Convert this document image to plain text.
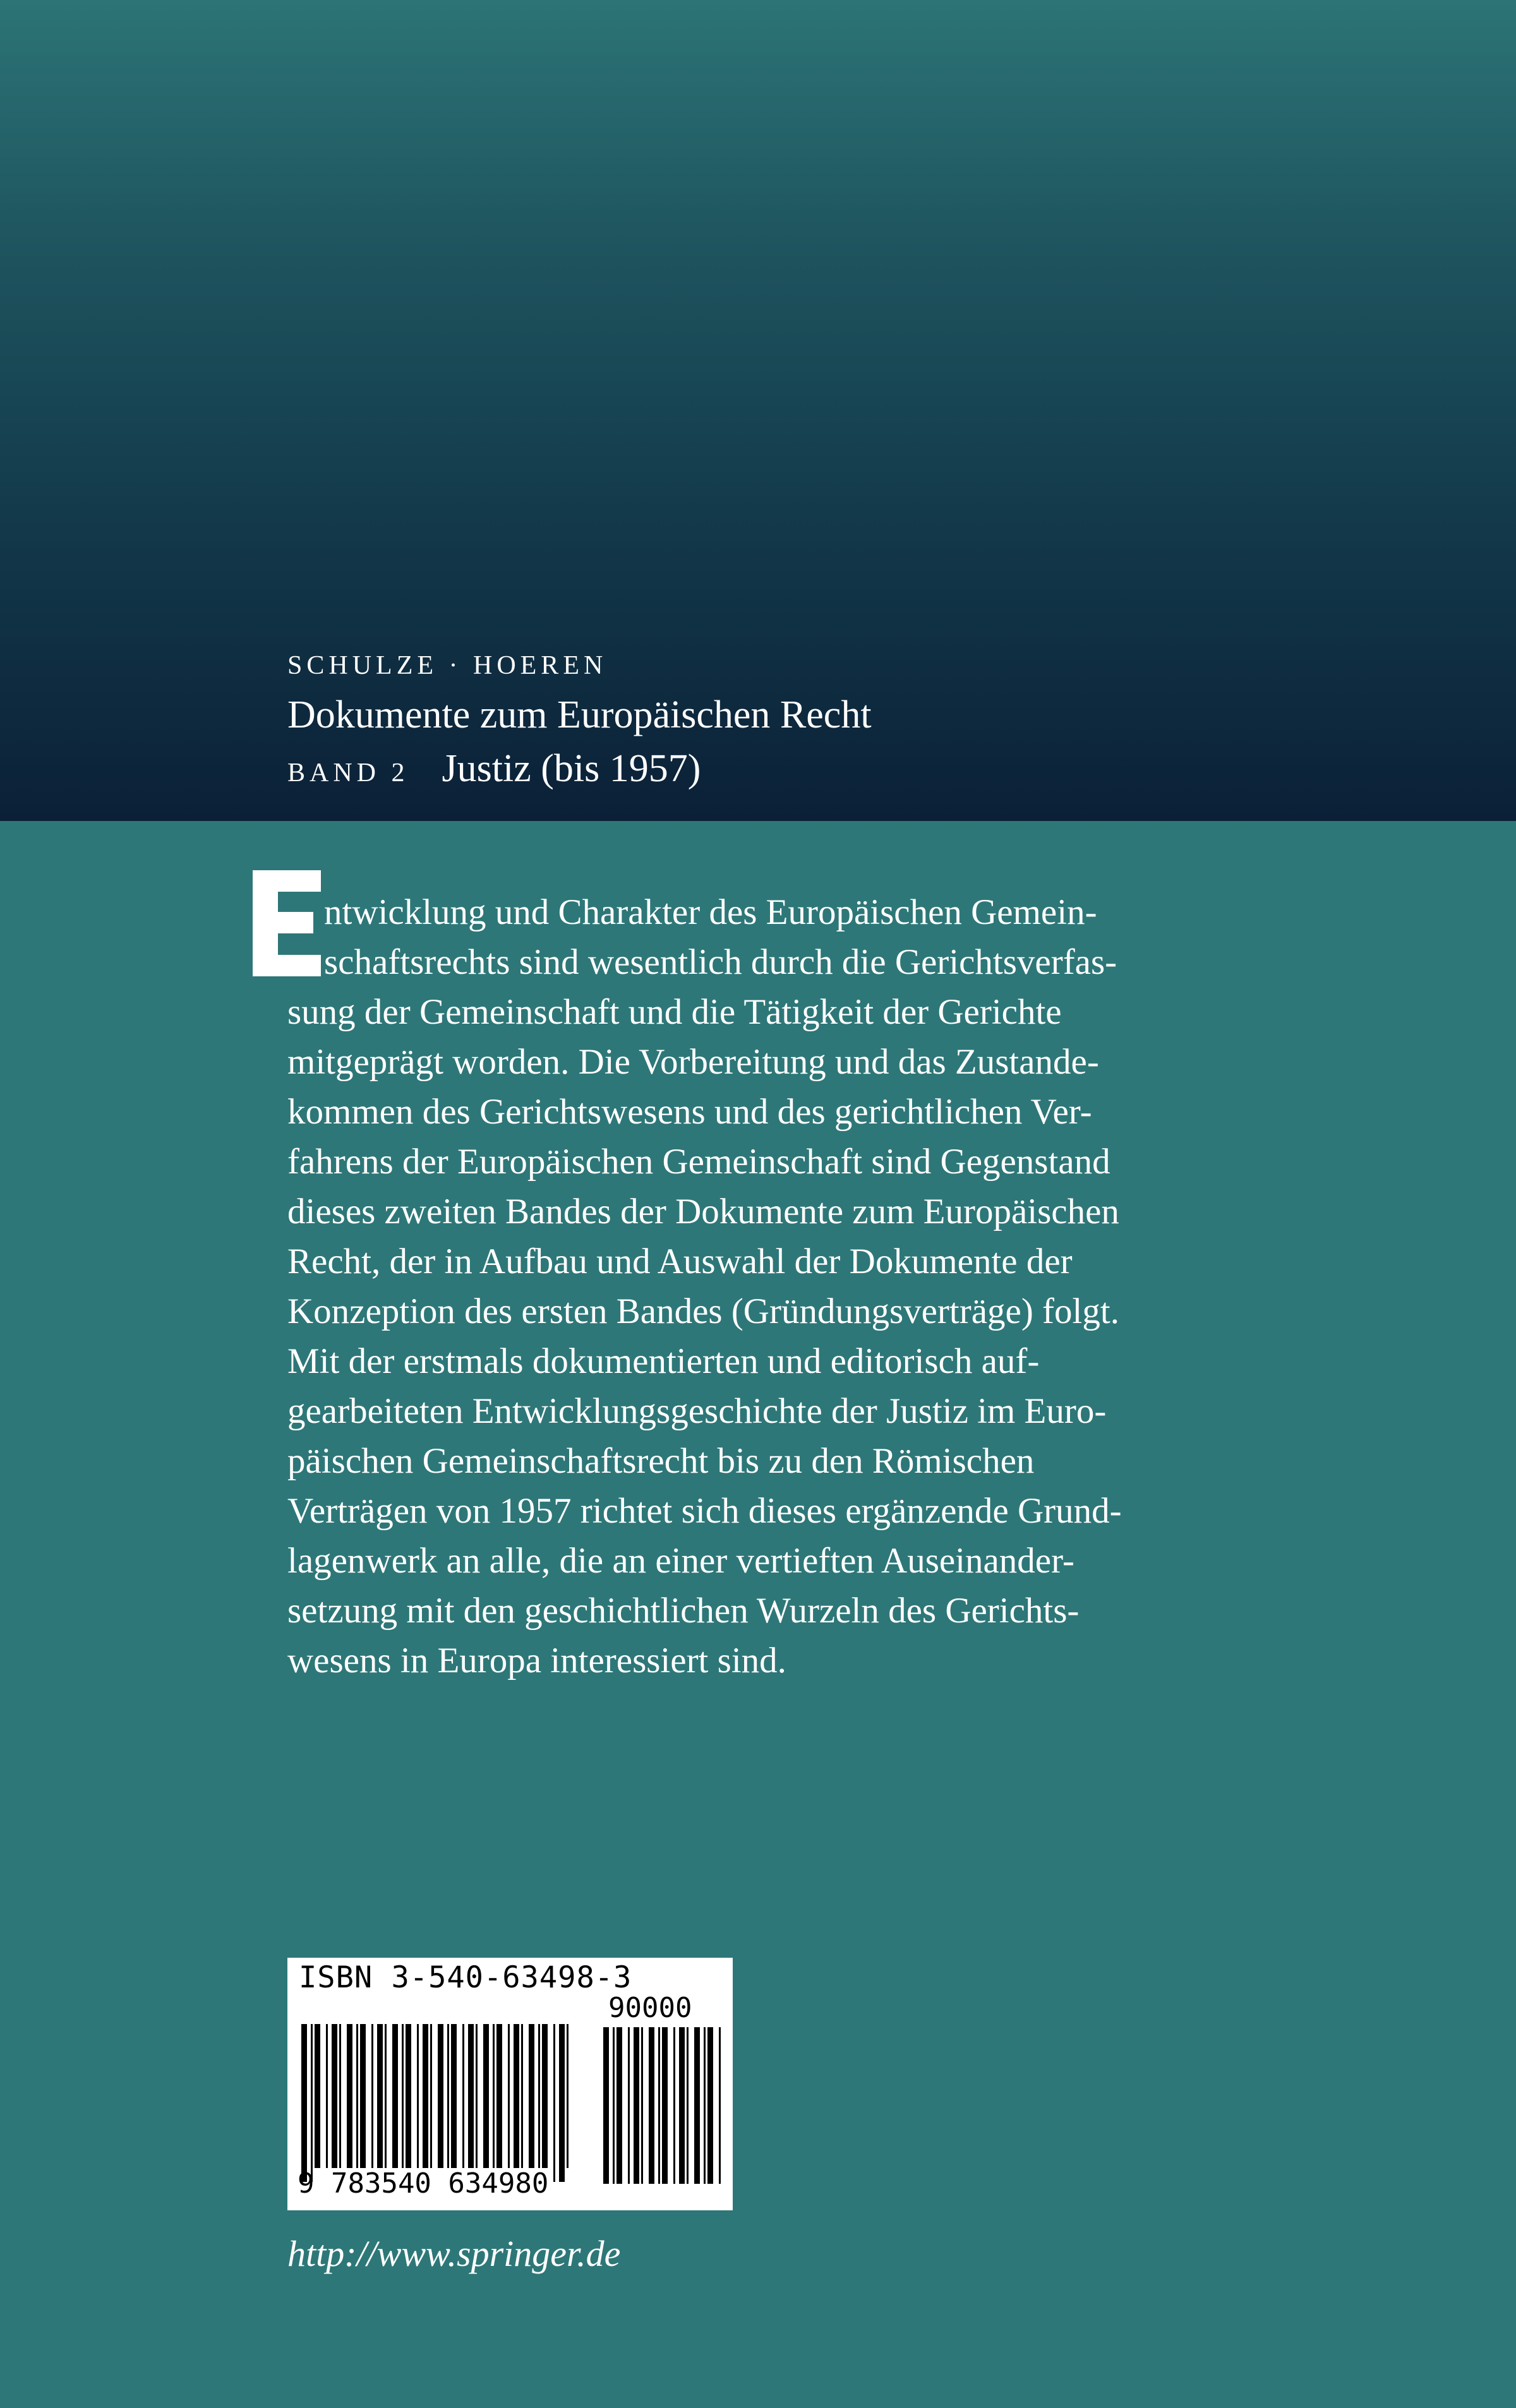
SCHULZE · HOEREN
Dokumente zum Europäischen Recht
BAND 2 Justiz (bis 1957)
ntwicklung und Charakter des Europäischen Gemein-
schaftsrechts sind wesentlich durch die Gerichtsverfas-
sung der Gemeinschaft und die Tätigkeit der Gerichte
mitgeprägt worden. Die Vorbereitung und das Zustande-
kommen des Gerichtswesens und des gerichtlichen Ver-
fahrens der Europäischen Gemeinschaft sind Gegenstand
dieses zweiten Bandes der Dokumente zum Europäischen
Recht, der in Aufbau und Auswahl der Dokumente der
Konzeption des ersten Bandes (Gründungsverträge) folgt.
Mit der erstmals dokumentierten und editorisch auf-
gearbeiteten Entwicklungsgeschichte der Justiz im Euro-
päischen Gemeinschaftsrecht bis zu den Römischen
Verträgen von 1957 richtet sich dieses ergänzende Grund-
lagenwerk an alle, die an einer vertieften Auseinander-
setzung mit den geschichtlichen Wurzeln des Gerichts-
wesens in Europa interessiert sind.
ISBN 3-540-63498-3
90000
9 783540 634980
http://www.springer.de
